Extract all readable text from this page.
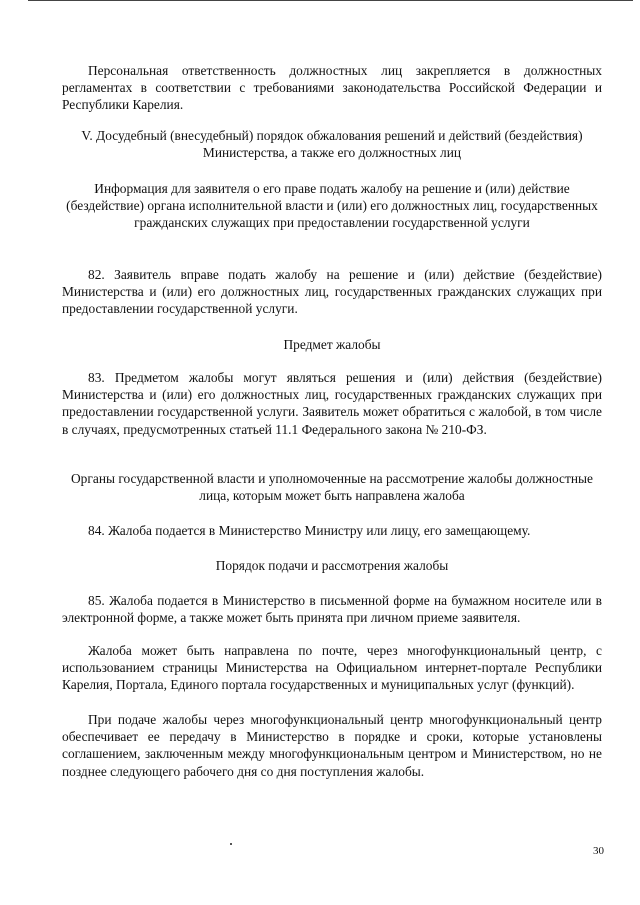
Персональная ответственность должностных лиц закрепляется в должностных регламентах в соответствии с требованиями законодательства Российской Федерации и Республики Карелия.

V. Досудебный (внесудебный) порядок обжалования решений и действий (бездействия) Министерства, а также его должностных лиц

Информация для заявителя о его праве подать жалобу на решение и (или) действие (бездействие) органа исполнительной власти и (или) его должностных лиц, государственных гражданских служащих при предоставлении государственной услуги

82. Заявитель вправе подать жалобу на решение и (или) действие (бездействие) Министерства и (или) его должностных лиц, государственных гражданских служащих при предоставлении государственной услуги.

Предмет жалобы

83. Предметом жалобы могут являться решения и (или) действия (бездействие) Министерства и (или) его должностных лиц, государственных гражданских служащих при предоставлении государственной услуги. Заявитель может обратиться с жалобой, в том числе в случаях, предусмотренных статьей 11.1 Федерального закона № 210-ФЗ.

Органы государственной власти и уполномоченные на рассмотрение жалобы должностные лица, которым может быть направлена жалоба

84. Жалоба подается в Министерство Министру или лицу, его замещающему.

Порядок подачи и рассмотрения жалобы

85. Жалоба подается в Министерство в письменной форме на бумажном носителе или в электронной форме, а также может быть принята при личном приеме заявителя.

Жалоба может быть направлена по почте, через многофункциональный центр, с использованием страницы Министерства на Официальном интернет-портале Республики Карелия, Портала, Единого портала государственных и муниципальных услуг (функций).

При подаче жалобы через многофункциональный центр многофункциональный центр обеспечивает ее передачу в Министерство в порядке и сроки, которые установлены соглашением, заключенным между многофункциональным центром и Министерством, но не позднее следующего рабочего дня со дня поступления жалобы.

30
